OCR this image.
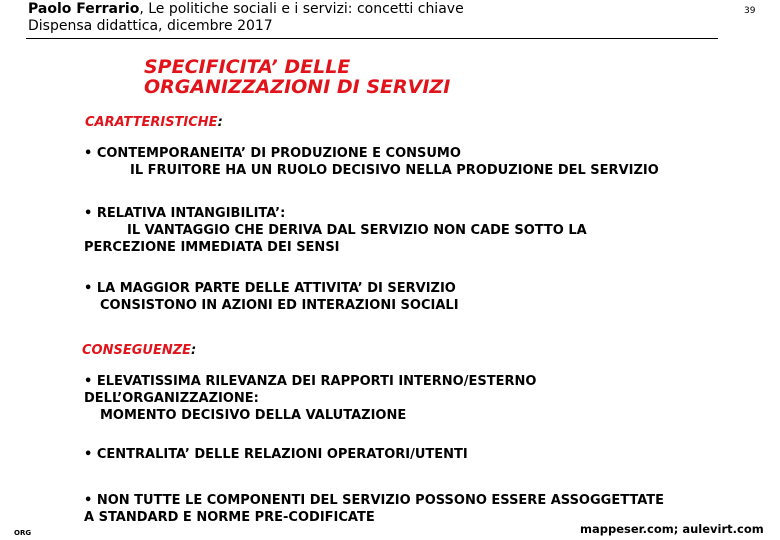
Paolo Ferrario, Le politiche sociali e i servizi: concetti chiave
Dispensa didattica, dicembre 2017
39
SPECIFICITA’ DELLE
ORGANIZZAZIONI DI SERVIZI
CARATTERISTICHE:
• CONTEMPORANEITA’ DI PRODUZIONE E CONSUMO
IL FRUITORE HA UN RUOLO DECISIVO NELLA PRODUZIONE DEL SERVIZIO
• RELATIVA INTANGIBILITA’:
IL VANTAGGIO CHE DERIVA DAL SERVIZIO NON CADE SOTTO LA
PERCEZIONE IMMEDIATA DEI SENSI
• LA MAGGIOR PARTE DELLE ATTIVITA’ DI SERVIZIO
CONSISTONO IN AZIONI ED INTERAZIONI SOCIALI
CONSEGUENZE:
• ELEVATISSIMA RILEVANZA DEI RAPPORTI INTERNO/ESTERNO
DELL’ORGANIZZAZIONE:
MOMENTO DECISIVO DELLA VALUTAZIONE
• CENTRALITA’ DELLE RELAZIONI OPERATORI/UTENTI
• NON TUTTE LE COMPONENTI DEL SERVIZIO POSSONO ESSERE ASSOGGETTATE
A STANDARD E NORME PRE-CODIFICATE
ORG	mappeser.com; aulevirt.com
